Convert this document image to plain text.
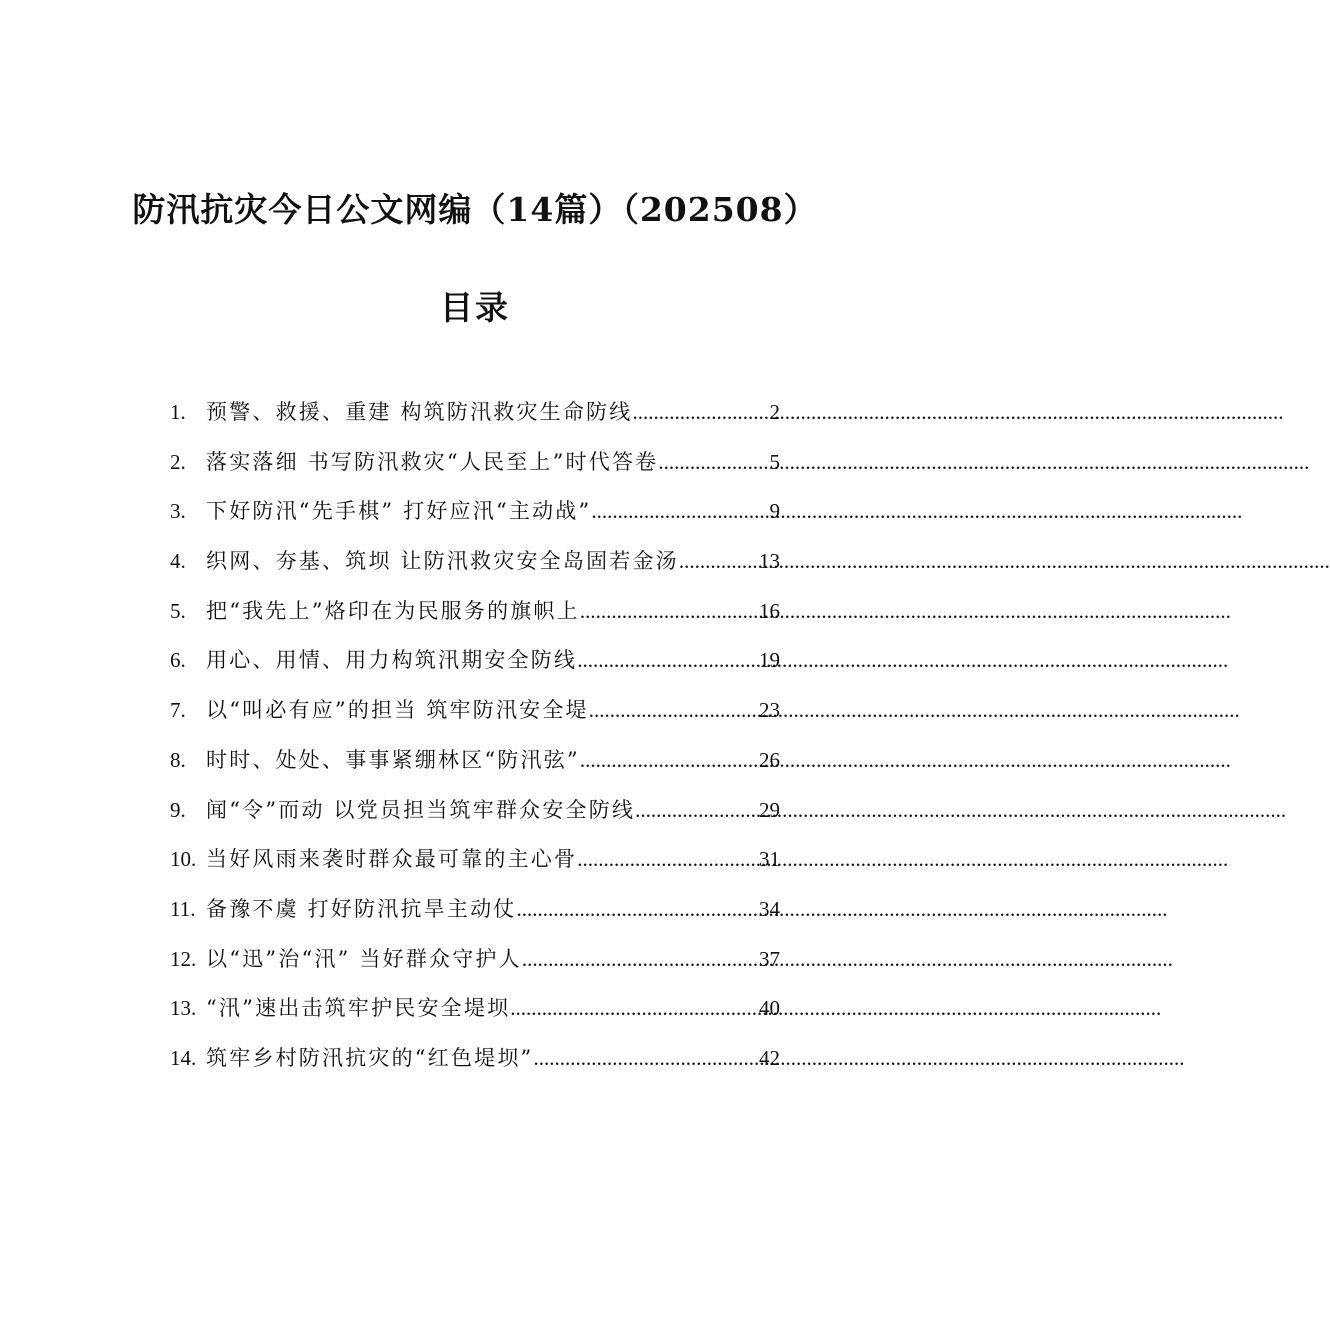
防汛抗灾今日公文网编（14篇）（202508）
目录
1. 预警、救援、重建 构筑防汛救灾生命防线 .....	2
2. 落实落细 书写防汛救灾“人民至上”时代答卷 .....	5
3. 下好防汛“先手棋” 打好应汛“主动战” .....	9
4. 织网、夯基、筑坝 让防汛救灾安全岛固若金汤 .....	13
5. 把“我先上”烙印在为民服务的旗帜上 .....	16
6. 用心、用情、用力构筑汛期安全防线 .....	19
7. 以“叫必有应”的担当 筑牢防汛安全堤 .....	23
8. 时时、处处、事事紧绷林区“防汛弦” .....	26
9. 闻“令”而动 以党员担当筑牢群众安全防线 .....	29
10. 当好风雨来袭时群众最可靠的主心骨 .....	31
11. 备豫不虞 打好防汛抗旱主动仗 .....	34
12. 以“迅”治“汛” 当好群众守护人 .....	37
13. “汛”速出击筑牢护民安全堤坝 .....	40
14. 筑牢乡村防汛抗灾的“红色堤坝” .....	42
